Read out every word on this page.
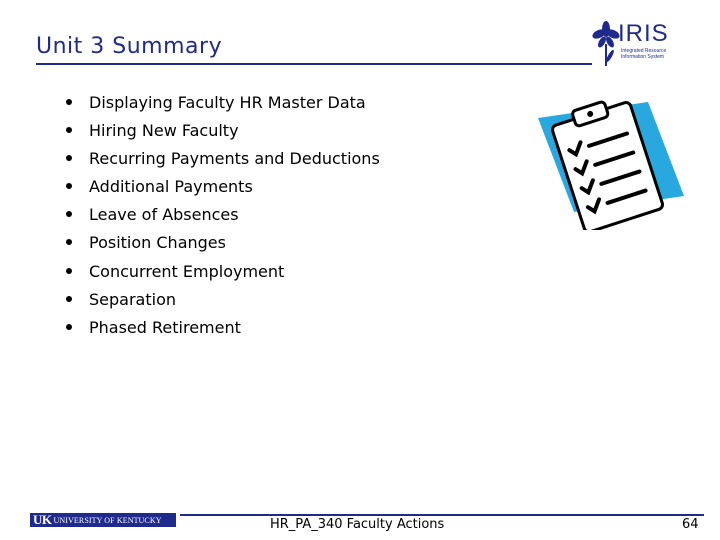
Unit 3 Summary	IRIS
Integrated Resource Information System
Displaying Faculty HR Master Data
Hiring New Faculty
Recurring Payments and Deductions
Additional Payments
Leave of Absences
Position Changes
Concurrent Employment
Separation
Phased Retirement
UK UNIVERSITY OF KENTUCKY	HR_PA_340 Faculty Actions	64
